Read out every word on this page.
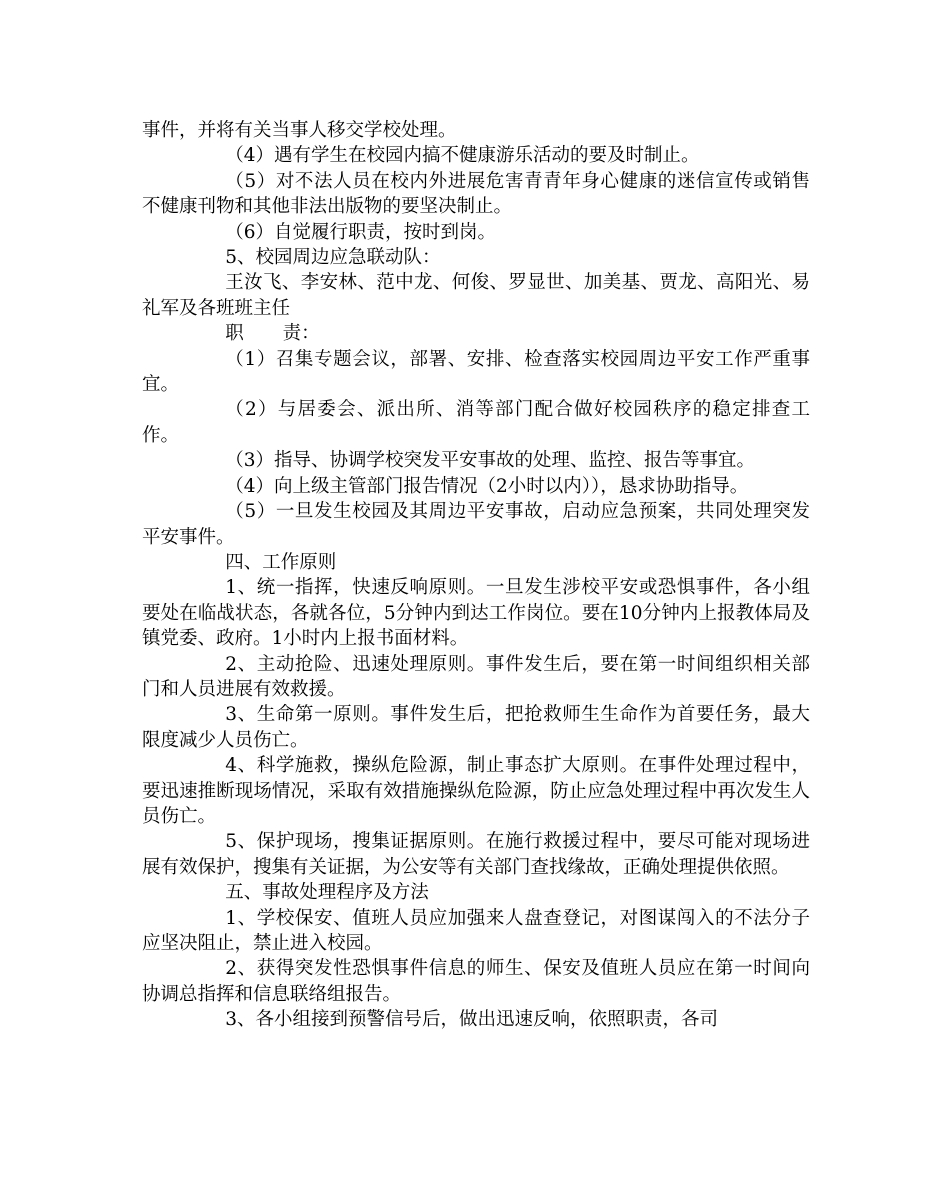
事件，并将有关当事人移交学校处理。

（4）遇有学生在校园内搞不健康游乐活动的要及时制止。

（5）对不法人员在校内外进展危害青青年身心健康的迷信宣传或销售不健康刊物和其他非法出版物的要坚决制止。

（6）自觉履行职责，按时到岗。

5、校园周边应急联动队：

王汝飞、李安林、范中龙、何俊、罗显世、加美基、贾龙、高阳光、易礼军及各班班主任

职 责：

（1）召集专题会议，部署、安排、检查落实校园周边平安工作严重事宜。

（2）与居委会、派出所、消等部门配合做好校园秩序的稳定排查工作。

（3）指导、协调学校突发平安事故的处理、监控、报告等事宜。

（4）向上级主管部门报告情况（2小时以内）），恳求协助指导。

（5）一旦发生校园及其周边平安事故，启动应急预案，共同处理突发平安事件。

四、工作原则

1、统一指挥，快速反响原则。一旦发生涉校平安或恐惧事件，各小组要处在临战状态，各就各位，5分钟内到达工作岗位。要在10分钟内上报教体局及镇党委、政府。1小时内上报书面材料。

2、主动抢险、迅速处理原则。事件发生后，要在第一时间组织相关部门和人员进展有效救援。

3、生命第一原则。事件发生后，把抢救师生生命作为首要任务，最大限度减少人员伤亡。

4、科学施救，操纵危险源，制止事态扩大原则。在事件处理过程中，要迅速推断现场情况，采取有效措施操纵危险源，防止应急处理过程中再次发生人员伤亡。

5、保护现场，搜集证据原则。在施行救援过程中，要尽可能对现场进展有效保护，搜集有关证据，为公安等有关部门查找缘故，正确处理提供依照。

五、事故处理程序及方法

1、学校保安、值班人员应加强来人盘查登记，对图谋闯入的不法分子应坚决阻止，禁止进入校园。

2、获得突发性恐惧事件信息的师生、保安及值班人员应在第一时间向协调总指挥和信息联络组报告。

3、各小组接到预警信号后，做出迅速反响，依照职责，各司
